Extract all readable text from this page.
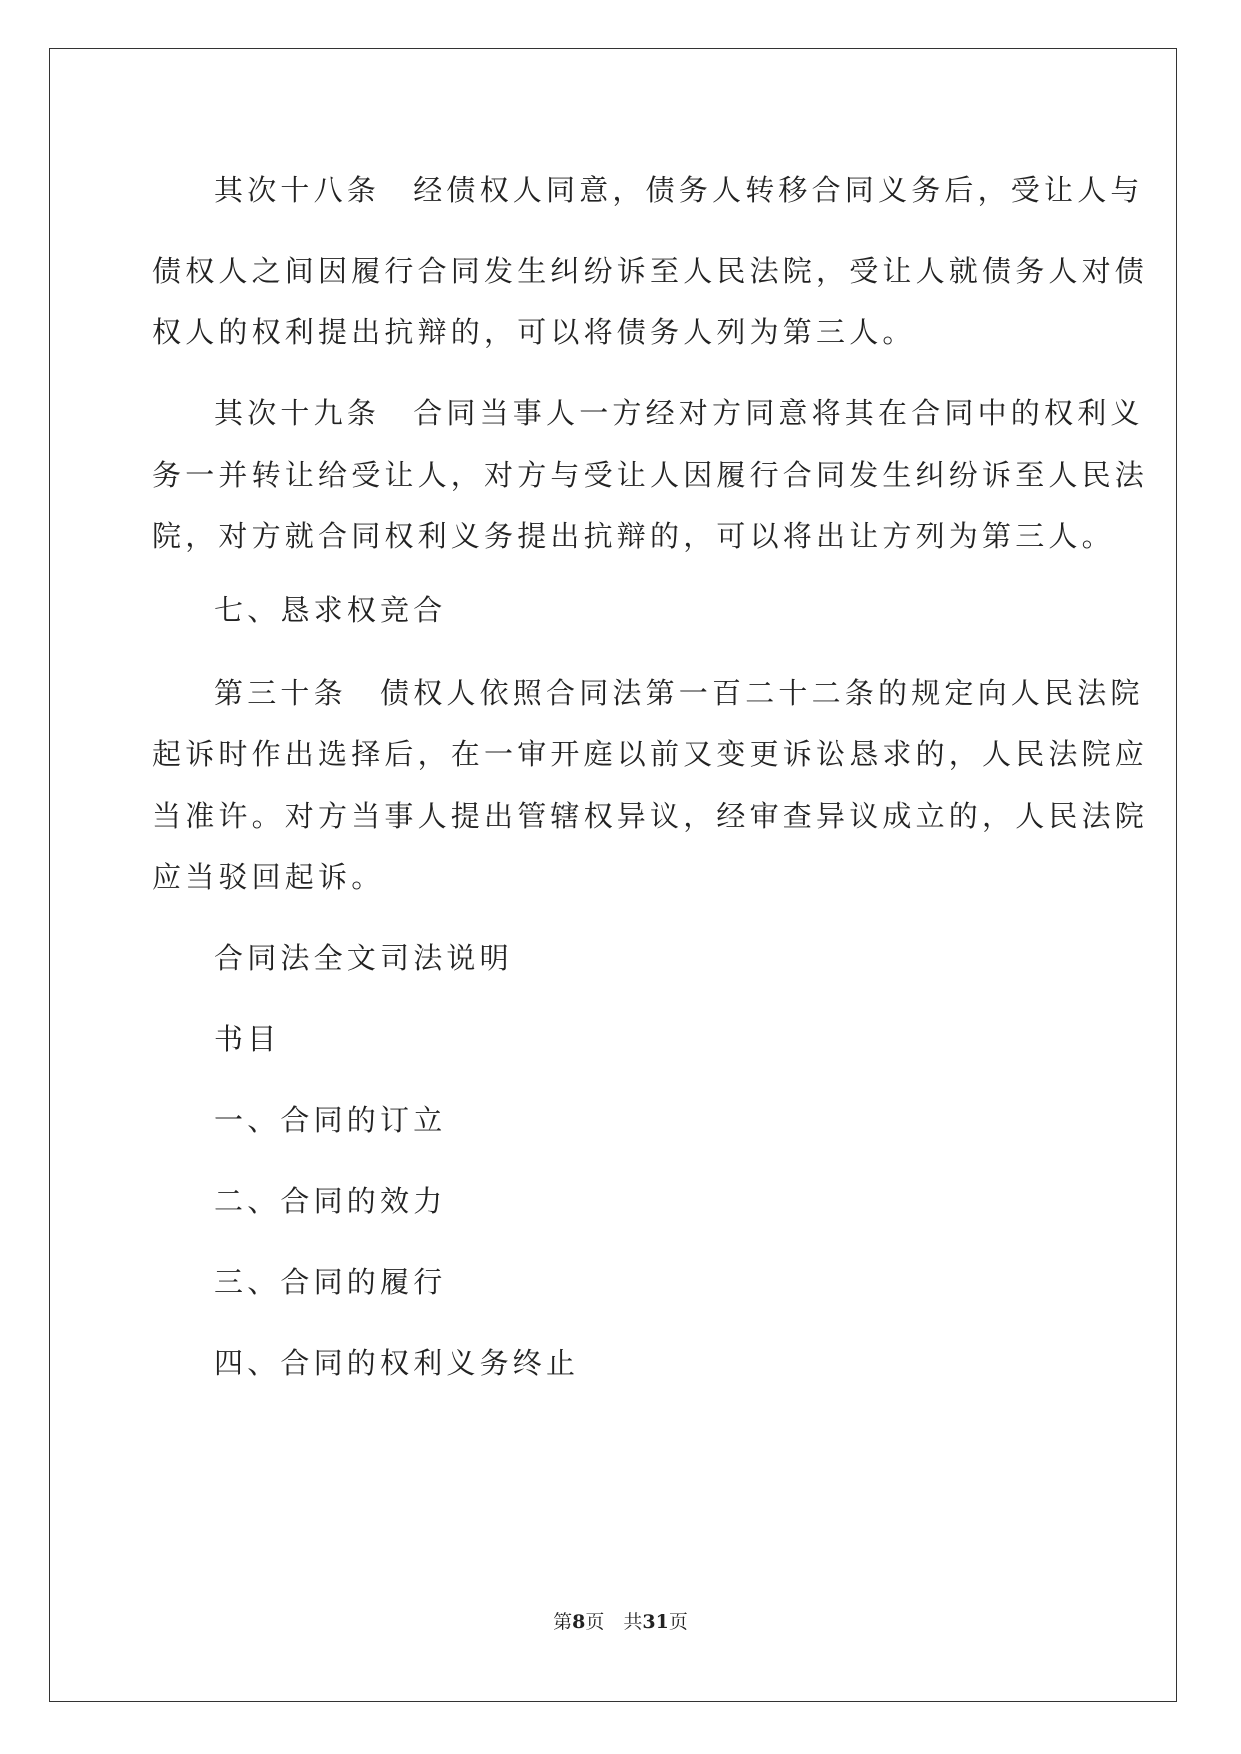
其次十八条　经债权人同意，债务人转移合同义务后，受让人与
债权人之间因履行合同发生纠纷诉至人民法院，受让人就债务人对债
权人的权利提出抗辩的，可以将债务人列为第三人。
其次十九条　合同当事人一方经对方同意将其在合同中的权利义
务一并转让给受让人，对方与受让人因履行合同发生纠纷诉至人民法
院，对方就合同权利义务提出抗辩的，可以将出让方列为第三人。
七、恳求权竞合
第三十条　债权人依照合同法第一百二十二条的规定向人民法院
起诉时作出选择后，在一审开庭以前又变更诉讼恳求的，人民法院应
当准许。对方当事人提出管辖权异议，经审查异议成立的，人民法院
应当驳回起诉。
合同法全文司法说明
书目
一、合同的订立
二、合同的效力
三、合同的履行
四、合同的权利义务终止
第8页　共31页
